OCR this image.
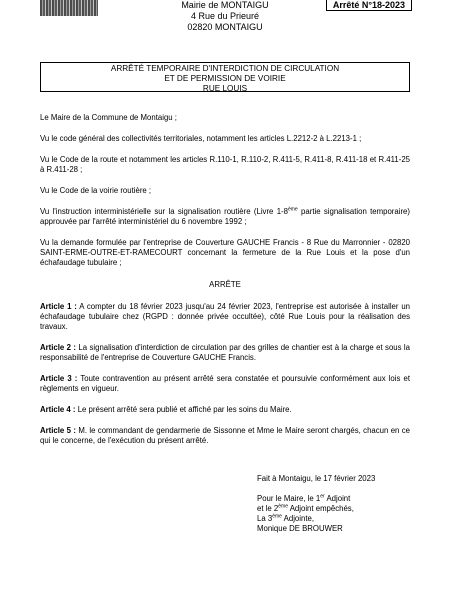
Mairie de MONTAIGU
4 Rue du Prieuré
02820 MONTAIGU
Arrêté N°18-2023
ARRÊTÉ TEMPORAIRE D'INTERDICTION DE CIRCULATION
ET DE PERMISSION DE VOIRIE
RUE LOUIS

Le Maire de la Commune de Montaigu ;

Vu le code général des collectivités territoriales, notamment les articles L.2212-2 à L.2213-1 ;

Vu le Code de la route et notamment les articles R.110-1, R.110-2, R.411-5, R.411-8, R.411-18 et R.411-25 à R.411-28 ;

Vu le Code de la voirie routière ;

Vu l'instruction interministérielle sur la signalisation routière (Livre 1-8ème partie signalisation temporaire) approuvée par l'arrêté interministériel du 6 novembre 1992 ;

Vu la demande formulée par l'entreprise de Couverture GAUCHE Francis - 8 Rue du Marronnier - 02820 SAINT-ERME-OUTRE-ET-RAMECOURT concernant la fermeture de la Rue Louis et la pose d'un échafaudage tubulaire ;

ARRÊTE

Article 1 : A compter du 18 février 2023 jusqu'au 24 février 2023, l'entreprise est autorisée à installer un échafaudage tubulaire chez (RGPD : donnée privée occultée), côté Rue Louis pour la réalisation des travaux.

Article 2 : La signalisation d'interdiction de circulation par des grilles de chantier est à la charge et sous la responsabilité de l'entreprise de Couverture GAUCHE Francis.

Article 3 : Toute contravention au présent arrêté sera constatée et poursuivie conformément aux lois et règlements en vigueur.

Article 4 : Le présent arrêté sera publié et affiché par les soins du Maire.

Article 5 : M. le commandant de gendarmerie de Sissonne et Mme le Maire seront chargés, chacun en ce qui le concerne, de l'exécution du présent arrêté.

Fait à Montaigu, le 17 février 2023
Pour le Maire, le 1er Adjoint
et le 2ème Adjoint empêchés,
La 3ème Adjointe,
Monique DE BROUWER
